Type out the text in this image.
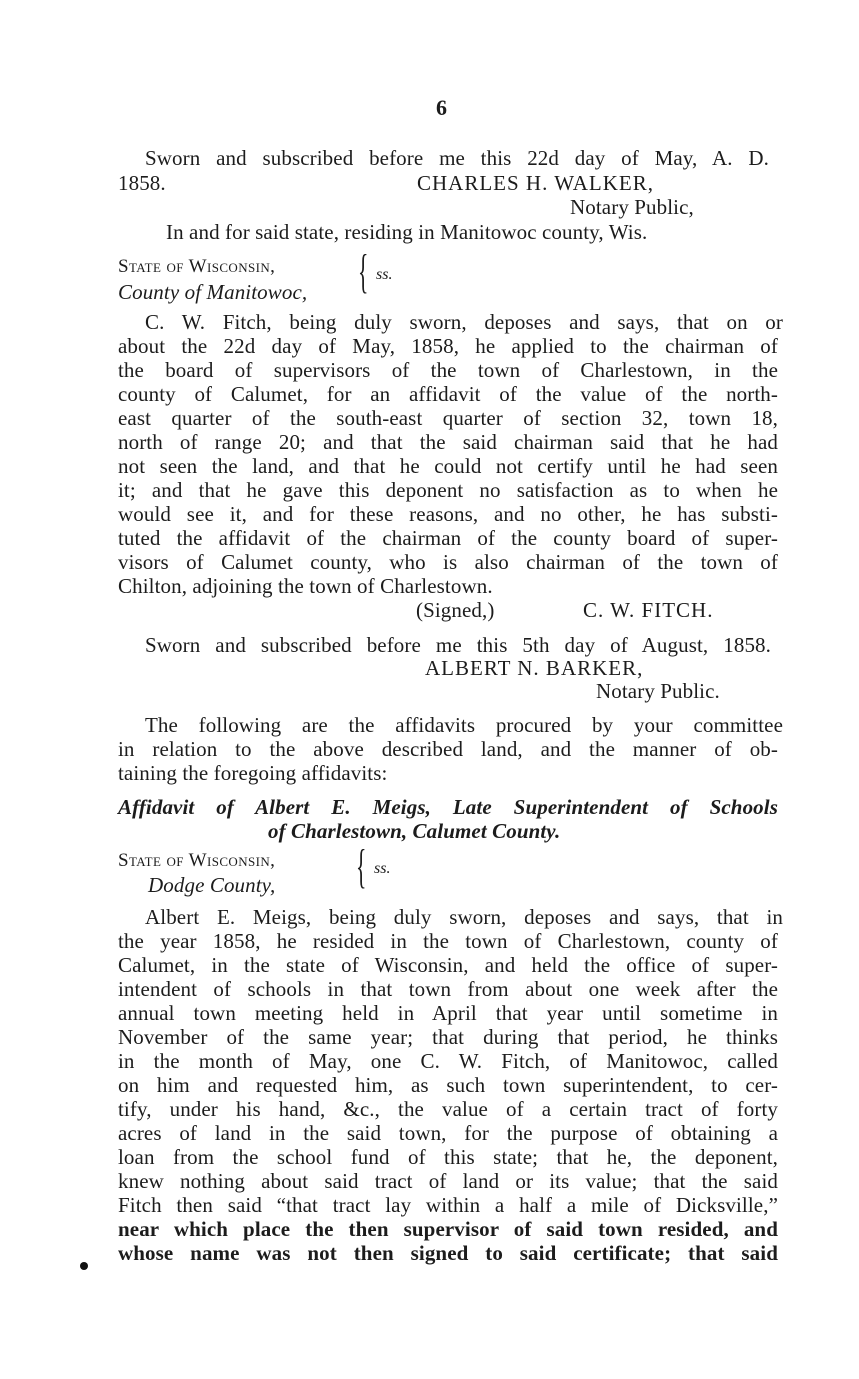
6
Sworn and subscribed before me this 22d day of May, A. D.
1858.	CHARLES H. WALKER,
Notary Public,
In and for said state, residing in Manitowoc county, Wis.
State of Wisconsin,
County of Manitowoc, { ss.
C. W. Fitch, being duly sworn, deposes and says, that on or
about the 22d day of May, 1858, he applied to the chairman of
the board of supervisors of the town of Charlestown, in the
county of Calumet, for an affidavit of the value of the north-
east quarter of the south-east quarter of section 32, town 18,
north of range 20; and that the said chairman said that he had
not seen the land, and that he could not certify until he had seen
it; and that he gave this deponent no satisfaction as to when he
would see it, and for these reasons, and no other, he has substi-
tuted the affidavit of the chairman of the county board of super-
visors of Calumet county, who is also chairman of the town of
Chilton, adjoining the town of Charlestown.
(Signed,)	C. W. FITCH.
Sworn and subscribed before me this 5th day of August, 1858.
ALBERT N. BARKER,
Notary Public.
The following are the affidavits procured by your committee
in relation to the above described land, and the manner of ob-
taining the foregoing affidavits:
Affidavit of Albert E. Meigs, Late Superintendent of Schools
of Charlestown, Calumet County.
State of Wisconsin,
Dodge County, { ss.
Albert E. Meigs, being duly sworn, deposes and says, that in
the year 1858, he resided in the town of Charlestown, county of
Calumet, in the state of Wisconsin, and held the office of super-
intendent of schools in that town from about one week after the
annual town meeting held in April that year until sometime in
November of the same year; that during that period, he thinks
in the month of May, one C. W. Fitch, of Manitowoc, called
on him and requested him, as such town superintendent, to cer-
tify, under his hand, &c., the value of a certain tract of forty
acres of land in the said town, for the purpose of obtaining a
loan from the school fund of this state; that he, the deponent,
knew nothing about said tract of land or its value; that the said
Fitch then said “that tract lay within a half a mile of Dicksville,”
near which place the then supervisor of said town resided, and
whose name was not then signed to said certificate; that said
